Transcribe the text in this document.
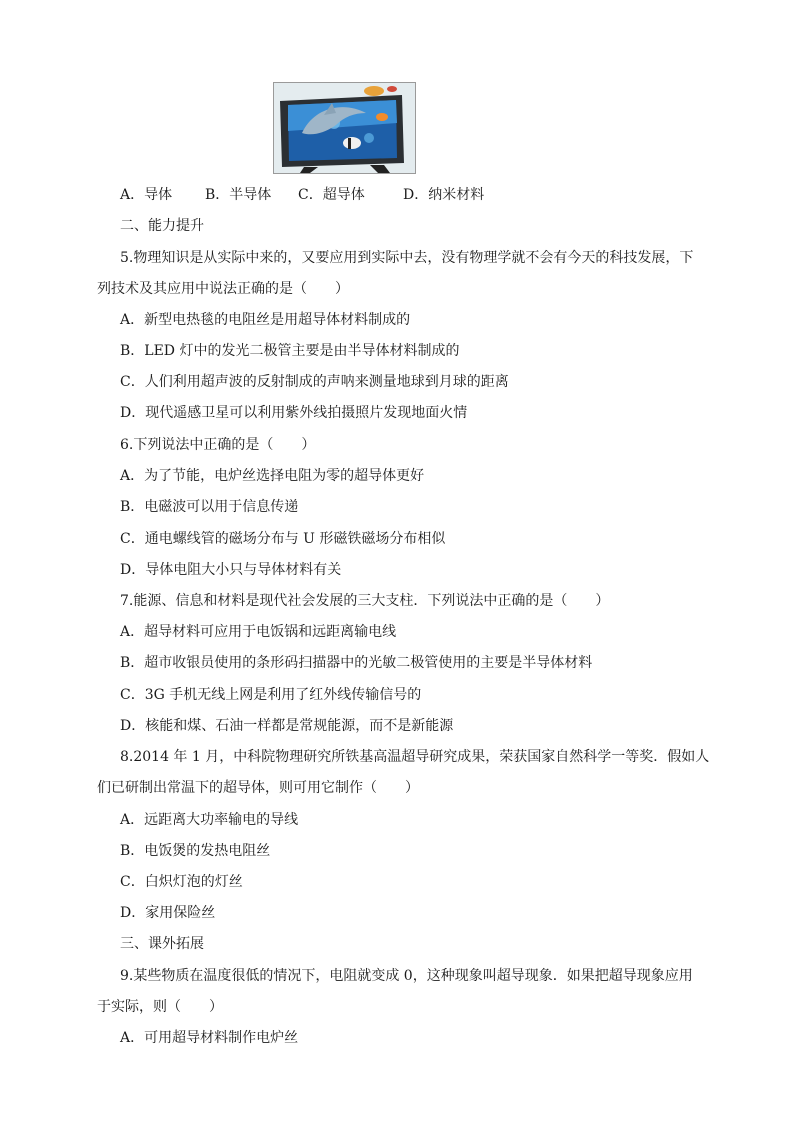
A．导体 B．半导体 C．超导体	D．纳米材料
二、能力提升
5.物理知识是从实际中来的，又要应用到实际中去，没有物理学就不会有今天的科技发展，下
列技术及其应用中说法正确的是（　　）
A．新型电热毯的电阻丝是用超导体材料制成的
B．LED 灯中的发光二极管主要是由半导体材料制成的
C．人们利用超声波的反射制成的声呐来测量地球到月球的距离
D．现代遥感卫星可以利用紫外线拍摄照片发现地面火情
6.下列说法中正确的是（　　）
A．为了节能，电炉丝选择电阻为零的超导体更好
B．电磁波可以用于信息传递
C．通电螺线管的磁场分布与 U 形磁铁磁场分布相似
D．导体电阻大小只与导体材料有关
7.能源、信息和材料是现代社会发展的三大支柱．下列说法中正确的是（　　）
A．超导材料可应用于电饭锅和远距离输电线
B．超市收银员使用的条形码扫描器中的光敏二极管使用的主要是半导体材料
C．3G 手机无线上网是利用了红外线传输信号的
D．核能和煤、石油一样都是常规能源，而不是新能源
8.2014 年 1 月，中科院物理研究所铁基高温超导研究成果，荣获国家自然科学一等奖．假如人
们已研制出常温下的超导体，则可用它制作（　　）
A．远距离大功率输电的导线
B．电饭煲的发热电阻丝
C．白炽灯泡的灯丝
D．家用保险丝
三、课外拓展
9.某些物质在温度很低的情况下，电阻就变成 0，这种现象叫超导现象．如果把超导现象应用
于实际，则（　　）
A．可用超导材料制作电炉丝
